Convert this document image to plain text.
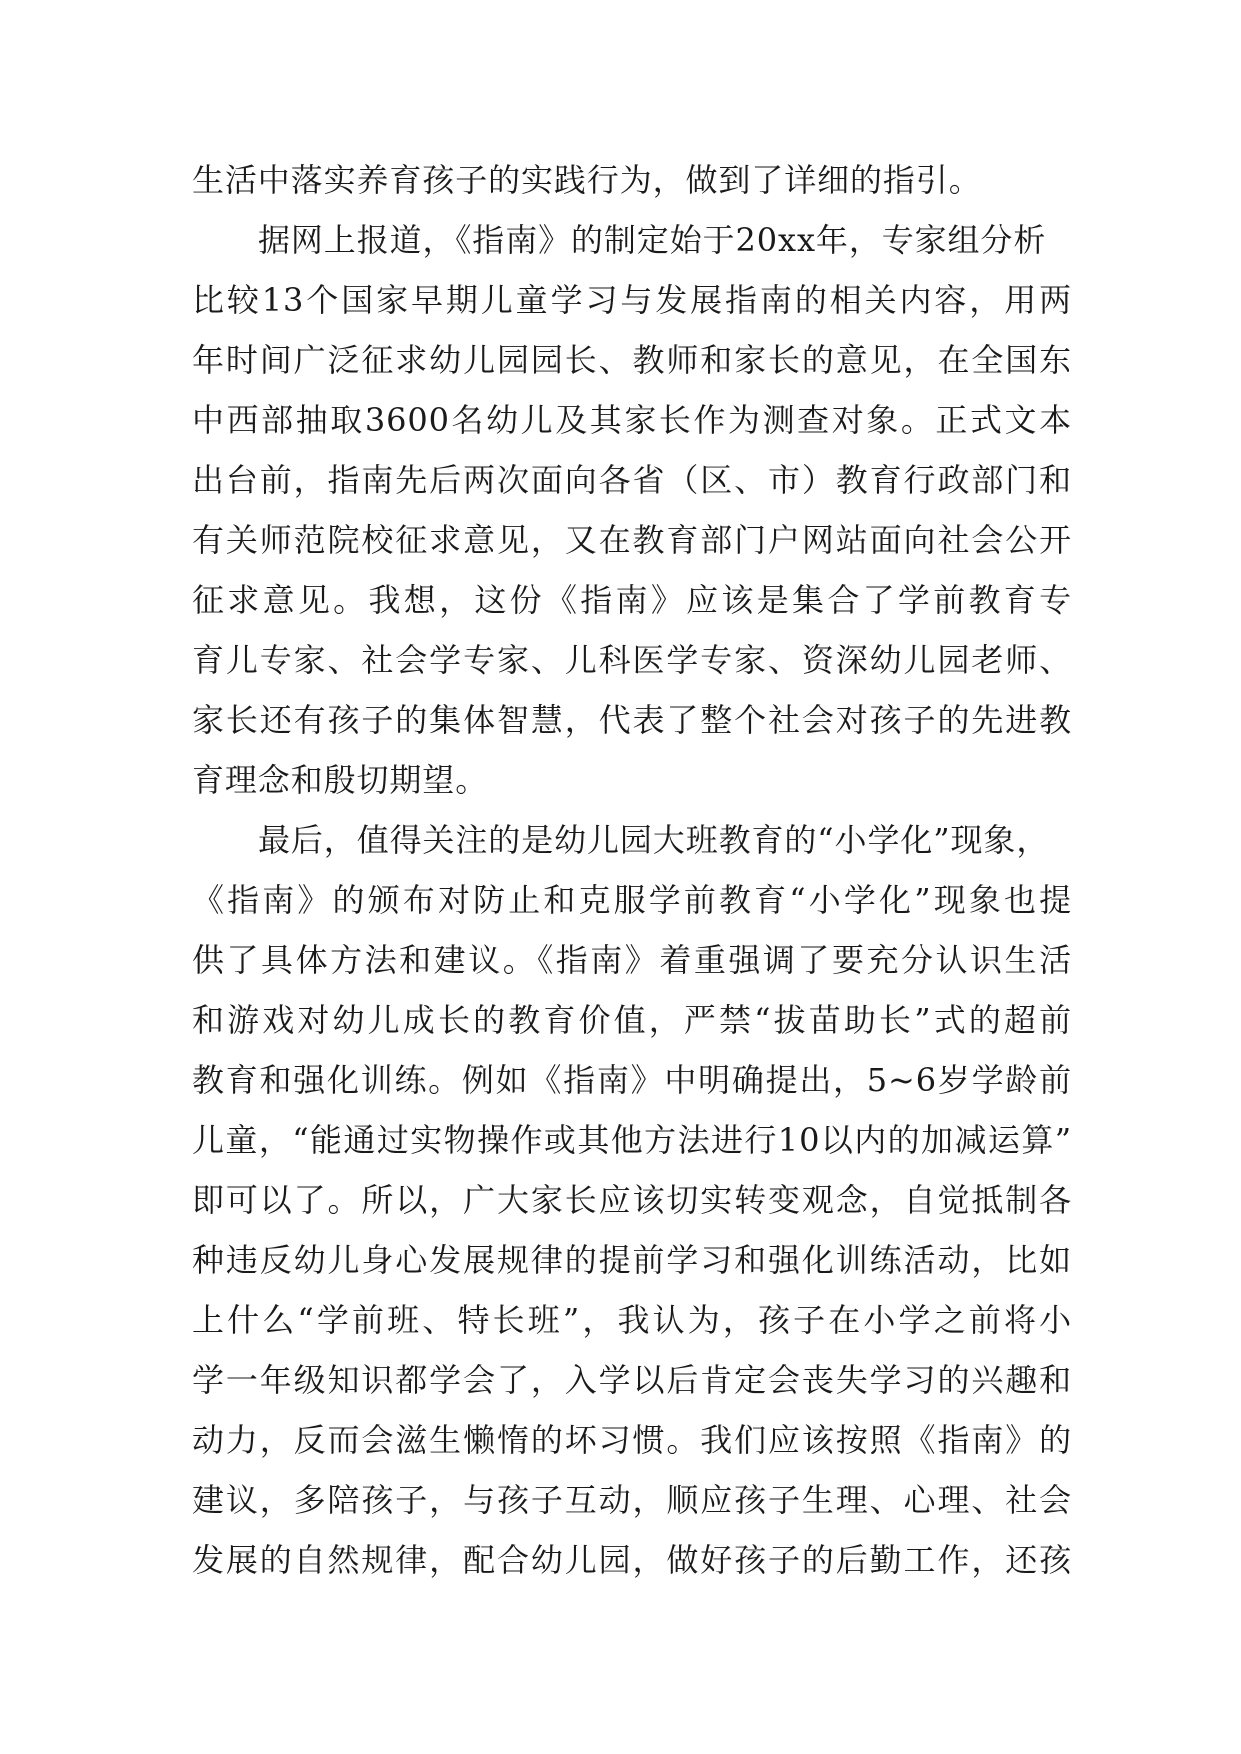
生活中落实养育孩子的实践行为，做到了详细的指引。
据网上报道，《指南》的制定始于20xx年，专家组分析
比较13个国家早期儿童学习与发展指南的相关内容，用两
年时间广泛征求幼儿园园长、教师和家长的意见，在全国东
中西部抽取3600名幼儿及其家长作为测查对象。正式文本
出台前，指南先后两次面向各省（区、市）教育行政部门和
有关师范院校征求意见，又在教育部门户网站面向社会公开
征求意见。我想，这份《指南》应该是集合了学前教育专
育儿专家、社会学专家、儿科医学专家、资深幼儿园老师、
家长还有孩子的集体智慧，代表了整个社会对孩子的先进教
育理念和殷切期望。
最后，值得关注的是幼儿园大班教育的“小学化”现象，
《指南》的颁布对防止和克服学前教育“小学化”现象也提
供了具体方法和建议。《指南》着重强调了要充分认识生活
和游戏对幼儿成长的教育价值，严禁“拔苗助长”式的超前
教育和强化训练。例如《指南》中明确提出，5~6岁学龄前
儿童，“能通过实物操作或其他方法进行10以内的加减运算”
即可以了。所以，广大家长应该切实转变观念，自觉抵制各
种违反幼儿身心发展规律的提前学习和强化训练活动，比如
上什么“学前班、特长班”，我认为，孩子在小学之前将小
学一年级知识都学会了，入学以后肯定会丧失学习的兴趣和
动力，反而会滋生懒惰的坏习惯。我们应该按照《指南》的
建议，多陪孩子，与孩子互动，顺应孩子生理、心理、社会
发展的自然规律，配合幼儿园，做好孩子的后勤工作，还孩
